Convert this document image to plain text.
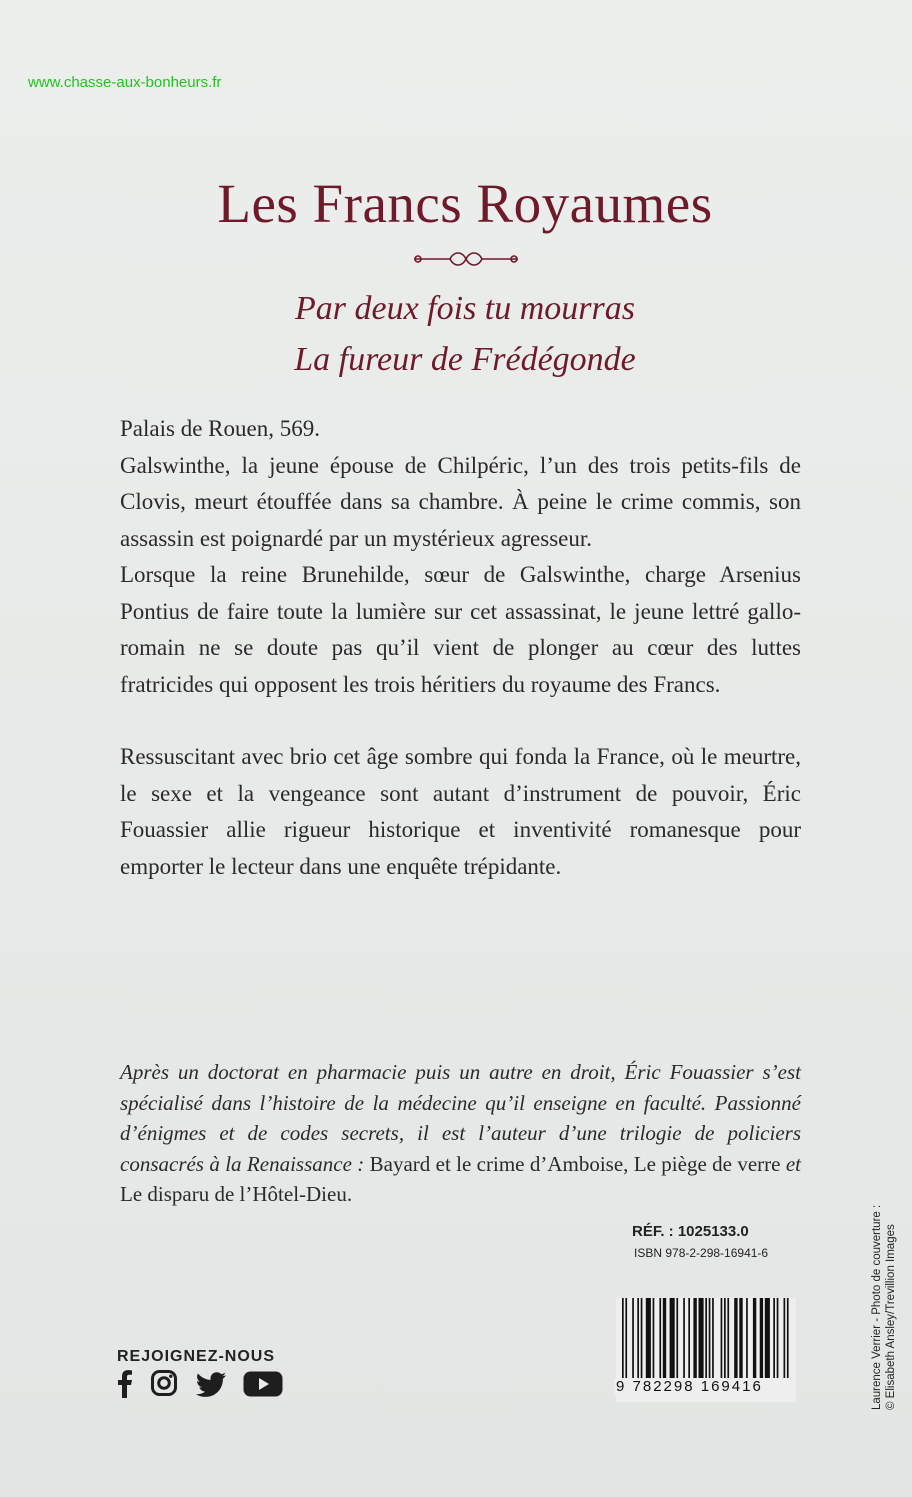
www.chasse-aux-bonheurs.fr
Les Francs Royaumes
Par deux fois tu mourras
La fureur de Frédégonde

Palais de Rouen, 569.

Galswinthe, la jeune épouse de Chilpéric, l’un des trois petits-fils de Clovis, meurt étouffée dans sa chambre. À peine le crime commis, son assassin est poignardé par un mystérieux agresseur.

Lorsque la reine Brunehilde, sœur de Galswinthe, charge Arsenius Pontius de faire toute la lumière sur cet assassinat, le jeune lettré gallo-romain ne se doute pas qu’il vient de plonger au cœur des luttes fratricides qui opposent les trois héritiers du royaume des Francs.

Ressuscitant avec brio cet âge sombre qui fonda la France, où le meurtre, le sexe et la vengeance sont autant d’instrument de pouvoir, Éric Fouassier allie rigueur historique et inventivité romanesque pour emporter le lecteur dans une enquête trépidante.

Après un doctorat en pharmacie puis un autre en droit, Éric Fouassier s’est spécialisé dans l’histoire de la médecine qu’il enseigne en faculté. Passionné d’énigmes et de codes secrets, il est l’auteur d’une trilogie de policiers consacrés à la Renaissance : Bayard et le crime d’Amboise, Le piège de verre et Le disparu de l’Hôtel-Dieu.
RÉF. : 1025133.0
ISBN 978-2-298-16941-6
9 782298 169416
REJOIGNEZ-NOUS	Laurence Verrier - Photo de couverture : © Elisabeth Ansley/Trevillion Images
